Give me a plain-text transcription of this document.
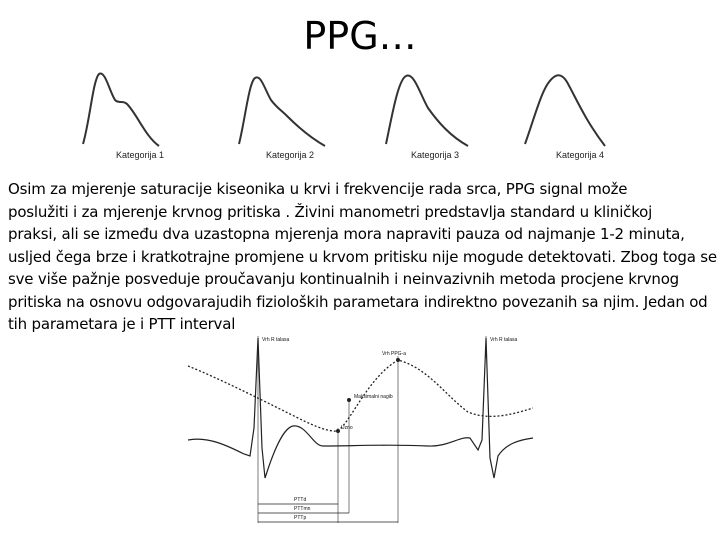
PPG…
Kategorija 1	Kategorija 2	Kategorija 3	Kategorija 4
Osim za mjerenje saturacije kiseonika u krvi i frekvencije rada srca, PPG signal može
poslužiti i za mjerenje krvnog pritiska . Živini manometri predstavlja standard u kliničkoj
praksi, ali se između dva uzastopna mjerenja mora napraviti pauza od najmanje 1-2 minuta,
usljed čega brze i kratkotrajne promjene u krvom pritisku nije mogude detektovati. Zbog toga se
sve više pažnje posveduje proučavanju kontinualnih i neinvazivnih metoda procjene krvnog
pritiska na osnovu odgovarajudih fizioloških parametara indirektno povezanih sa njim. Jedan od
tih parametara je i PTT interval
Vrh R talasa	Vrh R talasa
Vrh PPG-a
Maksimalni nagib
Uzno
PTTd
PTTmn
PTTp
